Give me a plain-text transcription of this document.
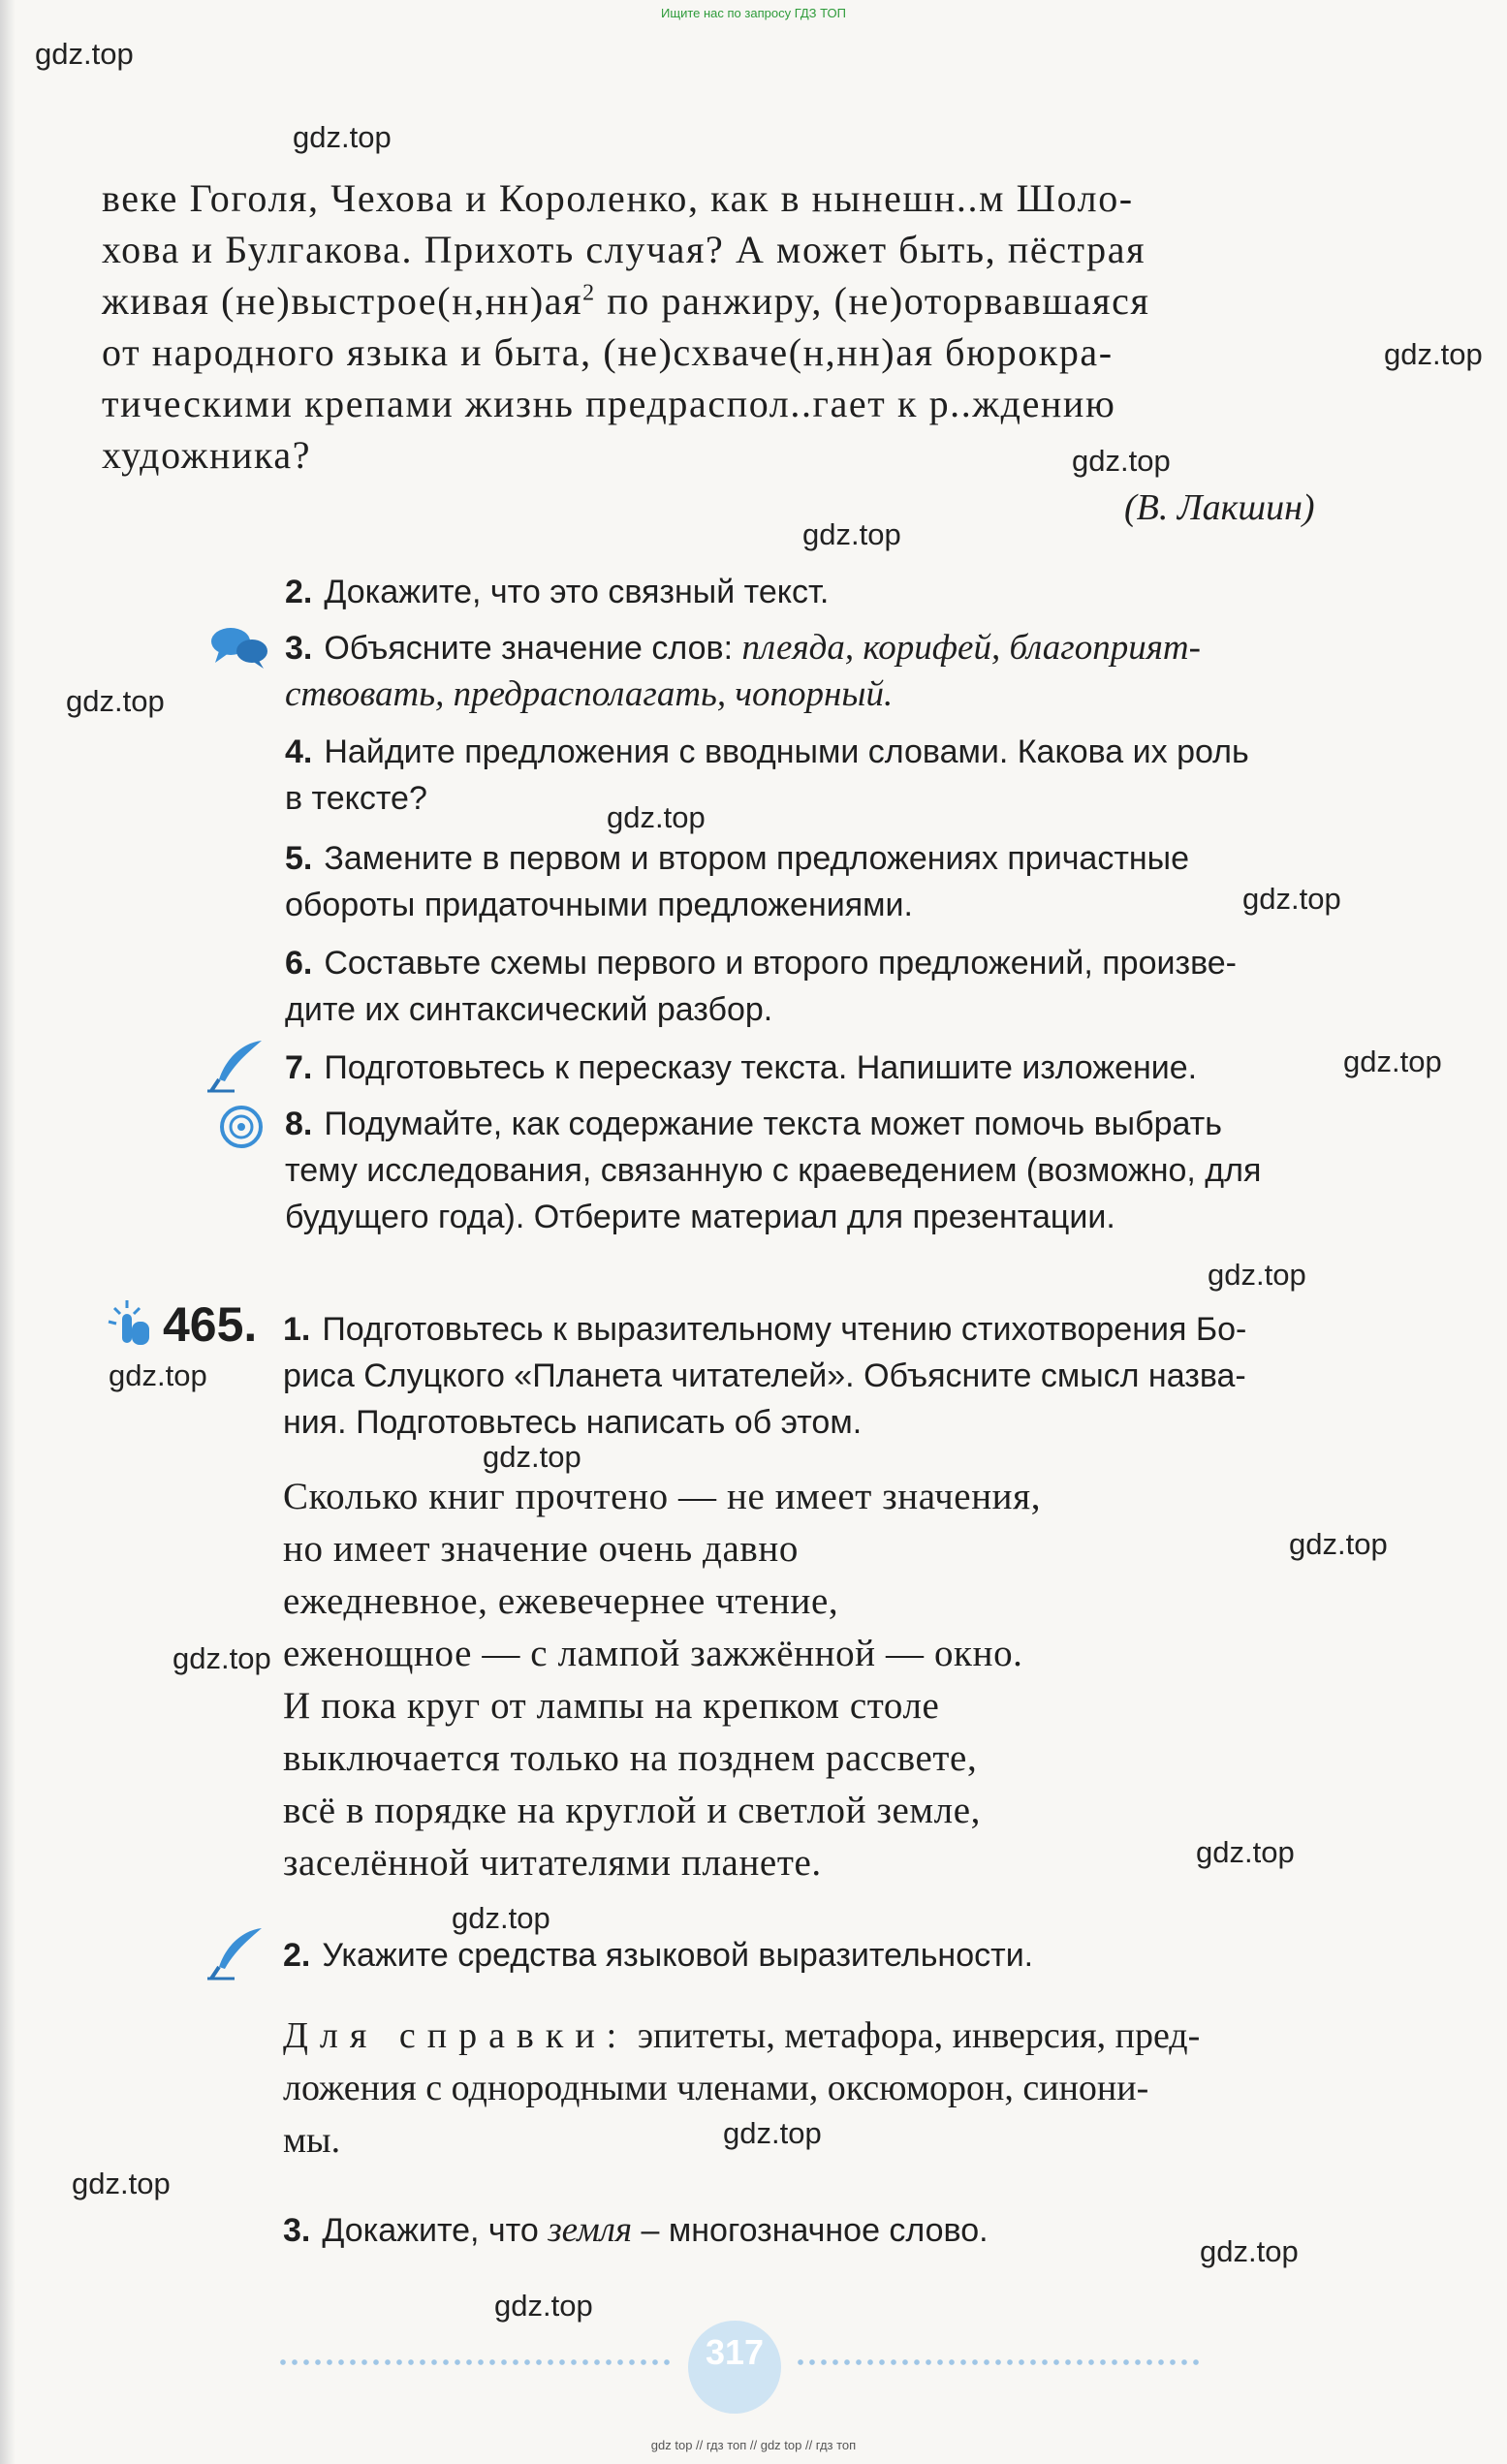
Ищите нас по запросу ГДЗ ТОП
gdz.top
gdz.top
gdz.top
gdz.top
gdz.top
gdz.top
gdz.top
gdz.top
gdz.top
gdz.top
gdz.top
gdz.top
gdz.top
gdz.top
gdz.top
gdz.top
gdz.top
gdz.top
gdz.top
gdz.top
веке Гоголя, Чехова и Короленко, как в нынешн..м Шоло-
хова и Булгакова. Прихоть случая? А может быть, пёстрая
живая $(не)выстрое(н,нн)ая^2$ по ранжиру, (не)оторвавшаяся
от народного языка и быта, (не)схваче(н,нн)ая бюрокра-
тическими крепами жизнь предраспол..гает к р..ждению
художника?
(В. Лакшин)
2. Докажите, что это связный текст.
3. Объясните значение слов: плеяда, корифей, благоприят-
ствовать, предрасполагать, чопорный.
4. Найдите предложения с вводными словами. Какова их роль
в тексте?
5. Замените в первом и втором предложениях причастные
обороты придаточными предложениями.
6. Составьте схемы первого и второго предложений, произве-
дите их синтаксический разбор.
7. Подготовьтесь к пересказу текста. Напишите изложение.
8. Подумайте, как содержание текста может помочь выбрать
тему исследования, связанную с краеведением (возможно, для
будущего года). Отберите материал для презентации.
465. 1. Подготовьтесь к выразительному чтению стихотворения Бо-
риса Слуцкого «Планета читателей». Объясните смысл назва-
ния. Подготовьтесь написать об этом.
Сколько книг прочтено — не имеет значения,
но имеет значение очень давно
ежедневное, ежевечернее чтение,
еженощное — с лампой зажжённой — окно.
И пока круг от лампы на крепком столе
выключается только на позднем рассвете,
всё в порядке на круглой и светлой земле,
заселённой читателями планете.
2. Укажите средства языковой выразительности.
Для справки: эпитеты, метафора, инверсия, пред-
ложения с однородными членами, оксюморон, синони-
мы.
3. Докажите, что земля – многозначное слово.
317
gdz top // гдз топ // gdz top // гдз топ
